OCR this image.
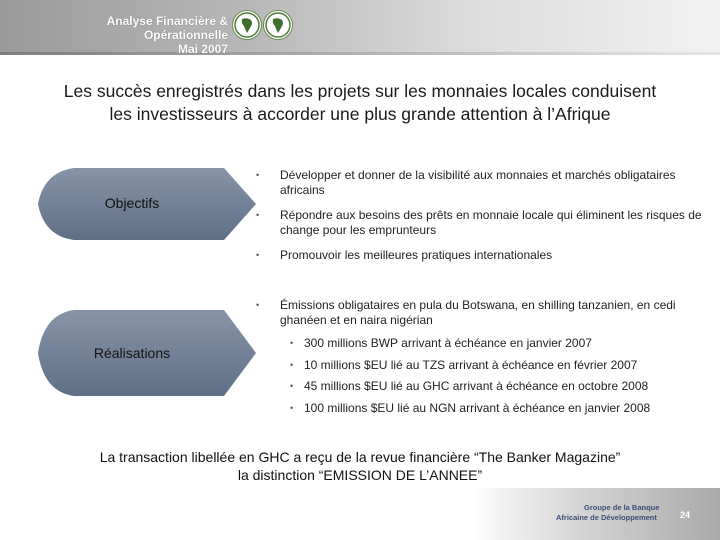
Analyse Financière & Opérationnelle
Mai 2007
Les succès enregistrés dans les projets sur les monnaies locales conduisent
les investisseurs à accorder une plus grande attention à l’Afrique
Objectifs
Réalisations
• Développer et donner de la visibilité aux monnaies et marchés obligataires africains
• Répondre aux besoins des prêts en monnaie locale qui éliminent les risques de change pour les emprunteurs
• Promouvoir les meilleures pratiques internationales
• Émissions obligataires en pula du Botswana, en shilling tanzanien, en cedi ghanéen et en naira nigérian
• 300 millions BWP arrivant à échéance en janvier 2007
• 10 millions $EU lié au TZS arrivant à échéance en février 2007
• 45 millions $EU lié au GHC arrivant à échéance en octobre 2008
• 100 millions $EU lié au NGN arrivant à échéance en janvier 2008
La transaction libellée en GHC a reçu de la revue financière “The Banker Magazine”
la distinction “EMISSION DE L’ANNEE”
Groupe de la Banque
Africaine de Développement	24
